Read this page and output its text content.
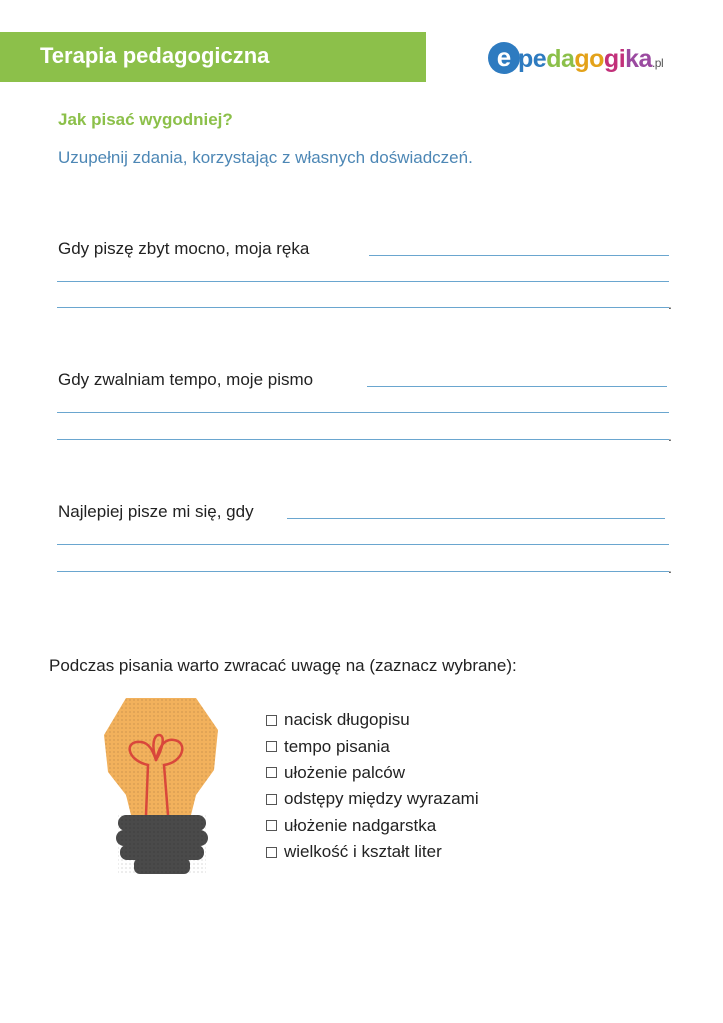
Terapia pedagogiczna	e pedagogika.pl
Jak pisać wygodniej?
Uzupełnij zdania, korzystając z własnych doświadczeń.
Gdy piszę zbyt mocno, moja ręka
.
Gdy zwalniam tempo, moje pismo
.
Najlepiej pisze mi się, gdy
.
Podczas pisania warto zwracać uwagę na (zaznacz wybrane):
nacisk długopisu
tempo pisania
ułożenie palców
odstępy między wyrazami
ułożenie nadgarstka
wielkość i kształt liter
